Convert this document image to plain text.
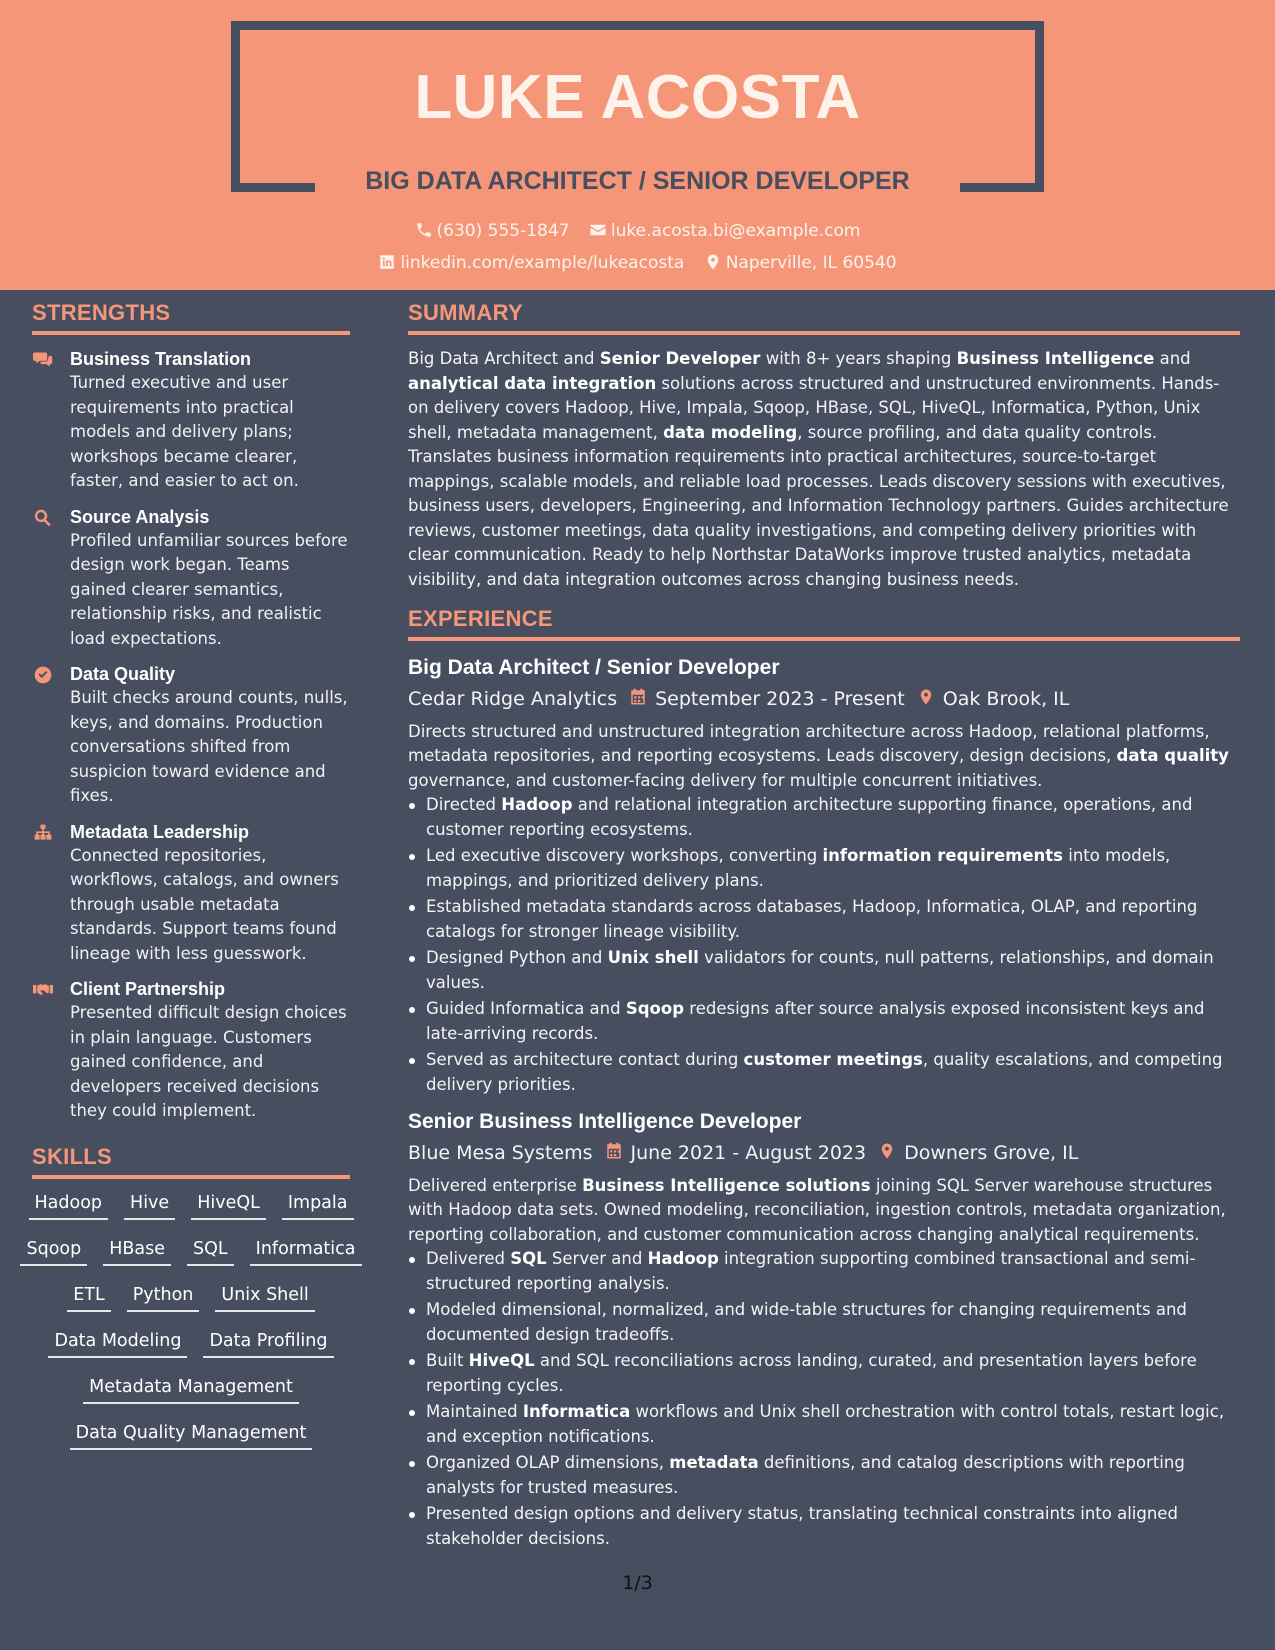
LUKE ACOSTA
BIG DATA ARCHITECT / SENIOR DEVELOPER
(630) 555-1847 luke.acosta.bi@example.com
linkedin.com/example/lukeacosta Naperville, IL 60540
STRENGTHS
Business Translation
Turned executive and user requirements into practical models and delivery plans; workshops became clearer, faster, and easier to act on.
Source Analysis
Profiled unfamiliar sources before design work began. Teams gained clearer semantics, relationship risks, and realistic load expectations.
Data Quality
Built checks around counts, nulls, keys, and domains. Production conversations shifted from suspicion toward evidence and fixes.
Metadata Leadership
Connected repositories, workflows, catalogs, and owners through usable metadata standards. Support teams found lineage with less guesswork.
Client Partnership
Presented difficult design choices in plain language. Customers gained confidence, and developers received decisions they could implement.
SKILLS
Hadoop	Hive	HiveQL	Impala
Sqoop	HBase	SQL	Informatica
ETL	Python	Unix Shell
Data Modeling	Data Profiling
Metadata Management
Data Quality Management
SUMMARY
Big Data Architect and Senior Developer with 8+ years shaping Business Intelligence and analytical data integration solutions across structured and unstructured environments. Hands-on delivery covers Hadoop, Hive, Impala, Sqoop, HBase, SQL, HiveQL, Informatica, Python, Unix shell, metadata management, data modeling, source profiling, and data quality controls. Translates business information requirements into practical architectures, source-to-target mappings, scalable models, and reliable load processes. Leads discovery sessions with executives, business users, developers, Engineering, and Information Technology partners. Guides architecture reviews, customer meetings, data quality investigations, and competing delivery priorities with clear communication. Ready to help Northstar DataWorks improve trusted analytics, metadata visibility, and data integration outcomes across changing business needs.
EXPERIENCE
Big Data Architect / Senior Developer
Cedar Ridge Analytics September 2023 - Present Oak Brook, IL
Directs structured and unstructured integration architecture across Hadoop, relational platforms, metadata repositories, and reporting ecosystems. Leads discovery, design decisions, data quality governance, and customer-facing delivery for multiple concurrent initiatives.
Directed Hadoop and relational integration architecture supporting finance, operations, and customer reporting ecosystems.
Led executive discovery workshops, converting information requirements into models, mappings, and prioritized delivery plans.
Established metadata standards across databases, Hadoop, Informatica, OLAP, and reporting catalogs for stronger lineage visibility.
Designed Python and Unix shell validators for counts, null patterns, relationships, and domain values.
Guided Informatica and Sqoop redesigns after source analysis exposed inconsistent keys and late-arriving records.
Served as architecture contact during customer meetings, quality escalations, and competing delivery priorities.
Senior Business Intelligence Developer
Blue Mesa Systems June 2021 - August 2023 Downers Grove, IL
Delivered enterprise Business Intelligence solutions joining SQL Server warehouse structures with Hadoop data sets. Owned modeling, reconciliation, ingestion controls, metadata organization, reporting collaboration, and customer communication across changing analytical requirements.
Delivered SQL Server and Hadoop integration supporting combined transactional and semi-structured reporting analysis.
Modeled dimensional, normalized, and wide-table structures for changing requirements and documented design tradeoffs.
Built HiveQL and SQL reconciliations across landing, curated, and presentation layers before reporting cycles.
Maintained Informatica workflows and Unix shell orchestration with control totals, restart logic, and exception notifications.
Organized OLAP dimensions, metadata definitions, and catalog descriptions with reporting analysts for trusted measures.
Presented design options and delivery status, translating technical constraints into aligned stakeholder decisions.
1/3
